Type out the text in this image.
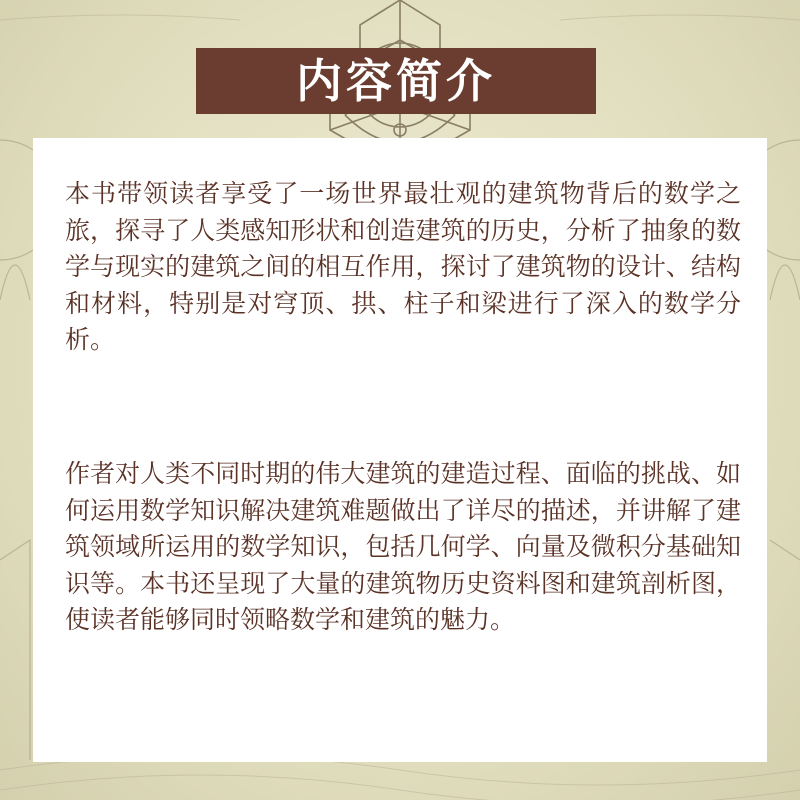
内容简介

本书带领读者享受了一场世界最壮观的建筑物背后的数学之旅，探寻了人类感知形状和创造建筑的历史，分析了抽象的数学与现实的建筑之间的相互作用，探讨了建筑物的设计、结构和材料，特别是对穹顶、拱、柱子和梁进行了深入的数学分析。

作者对人类不同时期的伟大建筑的建造过程、面临的挑战、如何运用数学知识解决建筑难题做出了详尽的描述，并讲解了建筑领域所运用的数学知识，包括几何学、向量及微积分基础知识等。本书还呈现了大量的建筑物历史资料图和建筑剖析图，使读者能够同时领略数学和建筑的魅力。
